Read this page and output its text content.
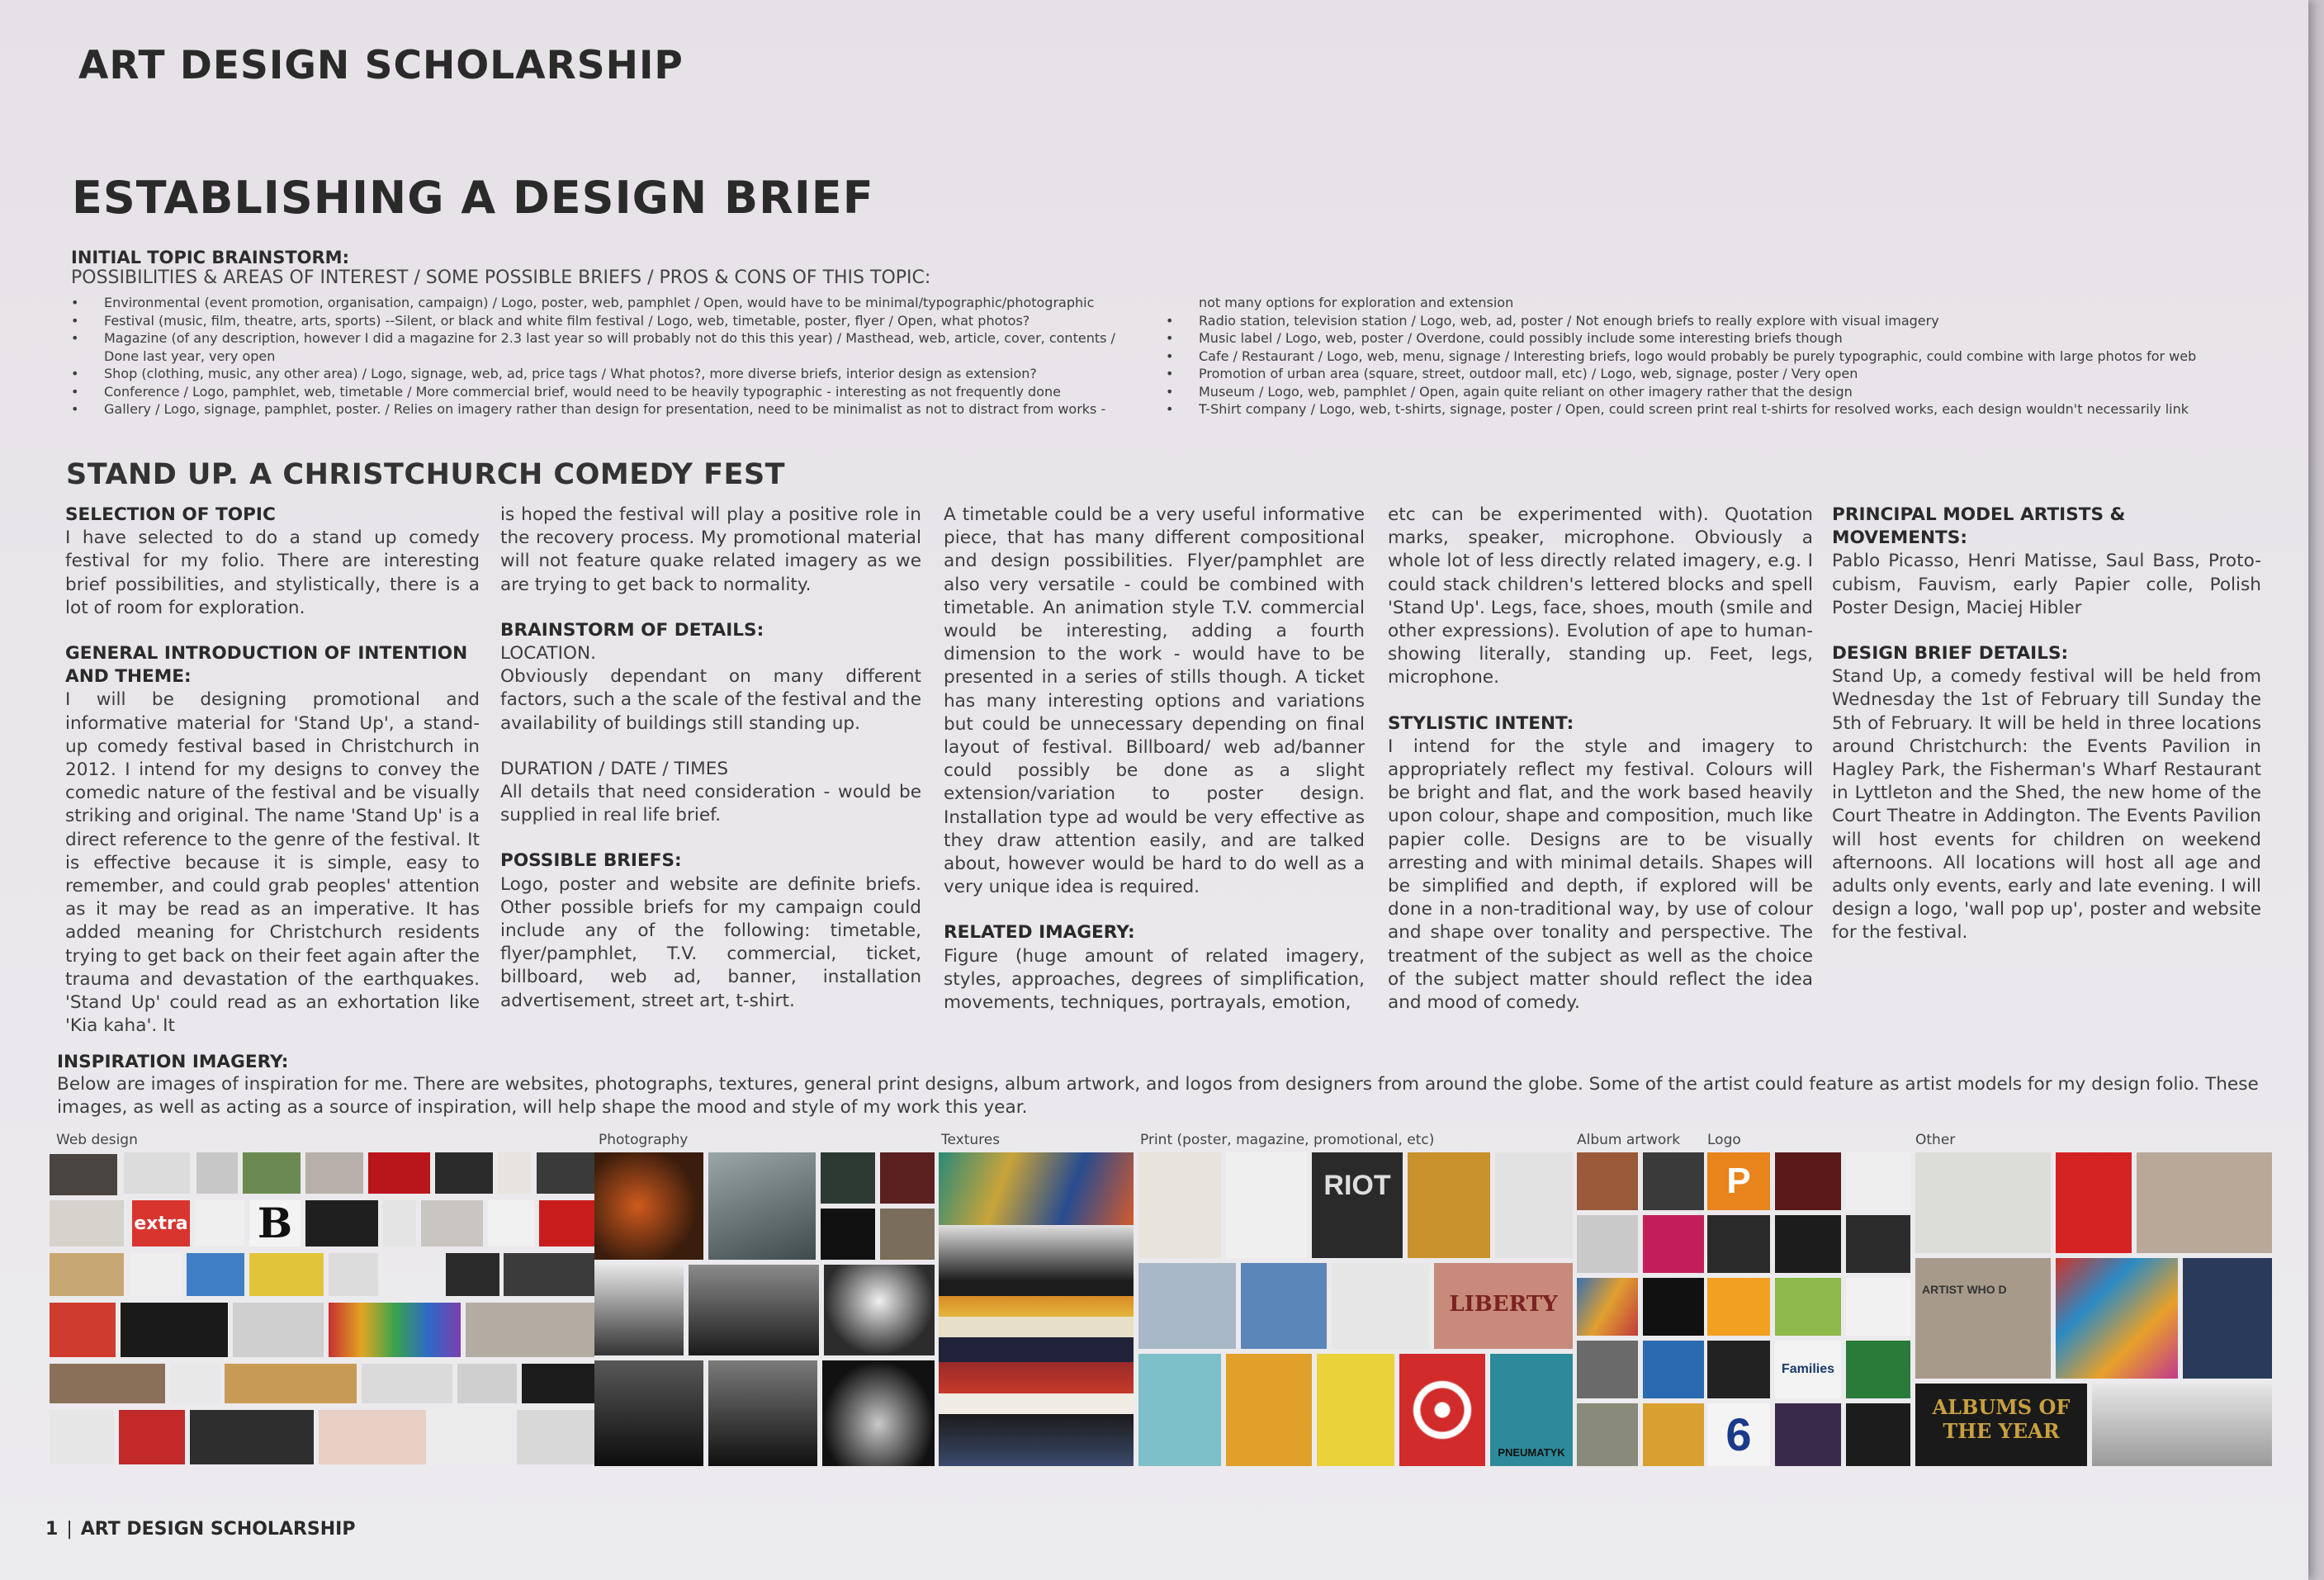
ART DESIGN SCHOLARSHIP
ESTABLISHING A DESIGN BRIEF

INITIAL TOPIC BRAINSTORM:

POSSIBILITIES & AREAS OF INTEREST / SOME POSSIBLE BRIEFS / PROS & CONS OF THIS TOPIC:

• Environmental (event promotion, organisation, campaign) / Logo, poster, web, pamphlet / Open, would have to be minimal/typographic/photographic
• Festival (music, film, theatre, arts, sports) --Silent, or black and white film festival / Logo, web, timetable, poster, flyer / Open, what photos?
• Magazine (of any description, however I did a magazine for 2.3 last year so will probably not do this this year) / Masthead, web, article, cover, contents /
Done last year, very open
• Shop (clothing, music, any other area) / Logo, signage, web, ad, price tags / What photos?, more diverse briefs, interior design as extension?
• Conference / Logo, pamphlet, web, timetable / More commercial brief, would need to be heavily typographic - interesting as not frequently done
• Gallery / Logo, signage, pamphlet, poster. / Relies on imagery rather than design for presentation, need to be minimalist as not to distract from works -
not many options for exploration and extension
• Radio station, television station / Logo, web, ad, poster / Not enough briefs to really explore with visual imagery
• Music label / Logo, web, poster / Overdone, could possibly include some interesting briefs though
• Cafe / Restaurant / Logo, web, menu, signage / Interesting briefs, logo would probably be purely typographic, could combine with large photos for web
• Promotion of urban area (square, street, outdoor mall, etc) / Logo, web, signage, poster / Very open
• Museum / Logo, web, pamphlet / Open, again quite reliant on other imagery rather that the design
• T-Shirt company / Logo, web, t-shirts, signage, poster / Open, could screen print real t-shirts for resolved works, each design wouldn't necessarily link
STAND UP. A CHRISTCHURCH COMEDY FEST
SELECTION OF TOPIC

I have selected to do a stand up comedy festival for my folio. There are interesting brief possibilities, and stylistically, there is a lot of room for exploration.

GENERAL INTRODUCTION OF INTENTION AND THEME:

I will be designing promotional and informative material for 'Stand Up', a stand-up comedy festival based in Christchurch in 2012. I intend for my designs to convey the comedic nature of the festival and be visually striking and original. The name 'Stand Up' is a direct reference to the genre of the festival. It is effective because it is simple, easy to remember, and could grab peoples' attention as it may be read as an imperative. It has added meaning for Christchurch residents trying to get back on their feet again after the trauma and devastation of the earthquakes. 'Stand Up' could read as an exhortation like 'Kia kaha'. It

is hoped the festival will play a positive role in the recovery process. My promotional material will not feature quake related imagery as we are trying to get back to normality.

BRAINSTORM OF DETAILS:

LOCATION.

Obviously dependant on many different factors, such a the scale of the festival and the availability of buildings still standing up.

DURATION / DATE / TIMES

All details that need consideration - would be supplied in real life brief.

POSSIBLE BRIEFS:

Logo, poster and website are definite briefs. Other possible briefs for my campaign could include any of the following: timetable, flyer/pamphlet, T.V. commercial, ticket, billboard, web ad, banner, installation advertisement, street art, t-shirt.

A timetable could be a very useful informative piece, that has many different compositional and design possibilities. Flyer/pamphlet are also very versatile - could be combined with timetable. An animation style T.V. commercial would be interesting, adding a fourth dimension to the work - would have to be presented in a series of stills though. A ticket has many interesting options and variations but could be unnecessary depending on final layout of festival. Billboard/ web ad/banner could possibly be done as a slight extension/variation to poster design. Installation type ad would be very effective as they draw attention easily, and are talked about, however would be hard to do well as a very unique idea is required.

RELATED IMAGERY:

Figure (huge amount of related imagery, styles, approaches, degrees of simplification, movements, techniques, portrayals, emotion,

etc can be experimented with). Quotation marks, speaker, microphone. Obviously a whole lot of less directly related imagery, e.g. I could stack children's lettered blocks and spell 'Stand Up'. Legs, face, shoes, mouth (smile and other expressions). Evolution of ape to human- showing literally, standing up. Feet, legs, microphone.

STYLISTIC INTENT:

I intend for the style and imagery to appropriately reflect my festival. Colours will be bright and flat, and the work based heavily upon colour, shape and composition, much like papier colle. Designs are to be visually arresting and with minimal details. Shapes will be simplified and depth, if explored will be done in a non-traditional way, by use of colour and shape over tonality and perspective. The treatment of the subject as well as the choice of the subject matter should reflect the idea and mood of comedy.

PRINCIPAL MODEL ARTISTS & MOVEMENTS:

Pablo Picasso, Henri Matisse, Saul Bass, Proto-cubism, Fauvism, early Papier colle, Polish Poster Design, Maciej Hibler

DESIGN BRIEF DETAILS:

Stand Up, a comedy festival will be held from Wednesday the 1st of February till Sunday the 5th of February. It will be held in three locations around Christchurch: the Events Pavilion in Hagley Park, the Fisherman's Wharf Restaurant in Lyttleton and the Shed, the new home of the Court Theatre in Addington. The Events Pavilion will host events for children on weekend afternoons. All locations will host all age and adults only events, early and late evening. I will design a logo, 'wall pop up', poster and website for the festival.

INSPIRATION IMAGERY:

Below are images of inspiration for me. There are websites, photographs, textures, general print designs, album artwork, and logos from designers from around the globe. Some of the artist could feature as artist models for my design folio. These images, as well as acting as a source of inspiration, will help shape the mood and style of my work this year.

Web design	Photography	Textures	Print (poster, magazine, promotional, etc)	Album artwork Logo	Other

extra B
RIOT
LIBERTY
PNEUMATYK
P
Families
6
ARTIST WHO D
ALBUMS OF THE YEAR

1 | ART DESIGN SCHOLARSHIP
